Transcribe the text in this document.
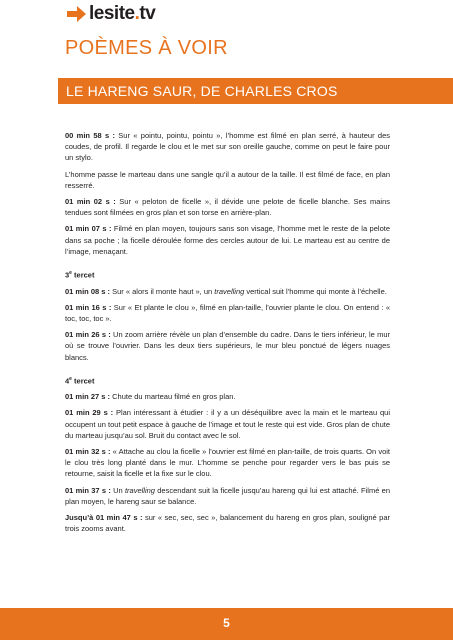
lesite.tv
POÈMES À VOIR
LE HARENG SAUR, DE CHARLES CROS

00 min 58 s : Sur « pointu, pointu, pointu », l’homme est filmé en plan serré, à hauteur des coudes, de profil. Il regarde le clou et le met sur son oreille gauche, comme on peut le faire pour un stylo.

L’homme passe le marteau dans une sangle qu’il a autour de la taille. Il est filmé de face, en plan resserré.

01 min 02 s : Sur « peloton de ficelle », il dévide une pelote de ficelle blanche. Ses mains tendues sont filmées en gros plan et son torse en arrière-plan.

01 min 07 s : Filmé en plan moyen, toujours sans son visage, l’homme met le reste de la pelote dans sa poche ; la ficelle déroulée forme des cercles autour de lui. Le marteau est au centre de l’image, menaçant.

3e tercet

01 min 08 s : Sur « alors il monte haut », un travelling vertical suit l’homme qui monte à l’échelle.

01 min 16 s : Sur « Et plante le clou », filmé en plan-taille, l’ouvrier plante le clou. On entend : « toc, toc, toc ».

01 min 26 s : Un zoom arrière révèle un plan d’ensemble du cadre. Dans le tiers inférieur, le mur où se trouve l’ouvrier. Dans les deux tiers supérieurs, le mur bleu ponctué de légers nuages blancs.

4e tercet

01 min 27 s : Chute du marteau filmé en gros plan.

01 min 29 s : Plan intéressant à étudier : il y a un déséquilibre avec la main et le marteau qui occupent un tout petit espace à gauche de l’image et tout le reste qui est vide. Gros plan de chute du marteau jusqu’au sol. Bruit du contact avec le sol.

01 min 32 s : « Attache au clou la ficelle » l’ouvrier est filmé en plan-taille, de trois quarts. On voit le clou très long planté dans le mur. L’homme se penche pour regarder vers le bas puis se retourne, saisit la ficelle et la fixe sur le clou.

01 min 37 s : Un travelling descendant suit la ficelle jusqu’au hareng qui lui est attaché. Filmé en plan moyen, le hareng saur se balance.

Jusqu’à 01 min 47 s : sur « sec, sec, sec », balancement du hareng en gros plan, souligné par trois zooms avant.

5
